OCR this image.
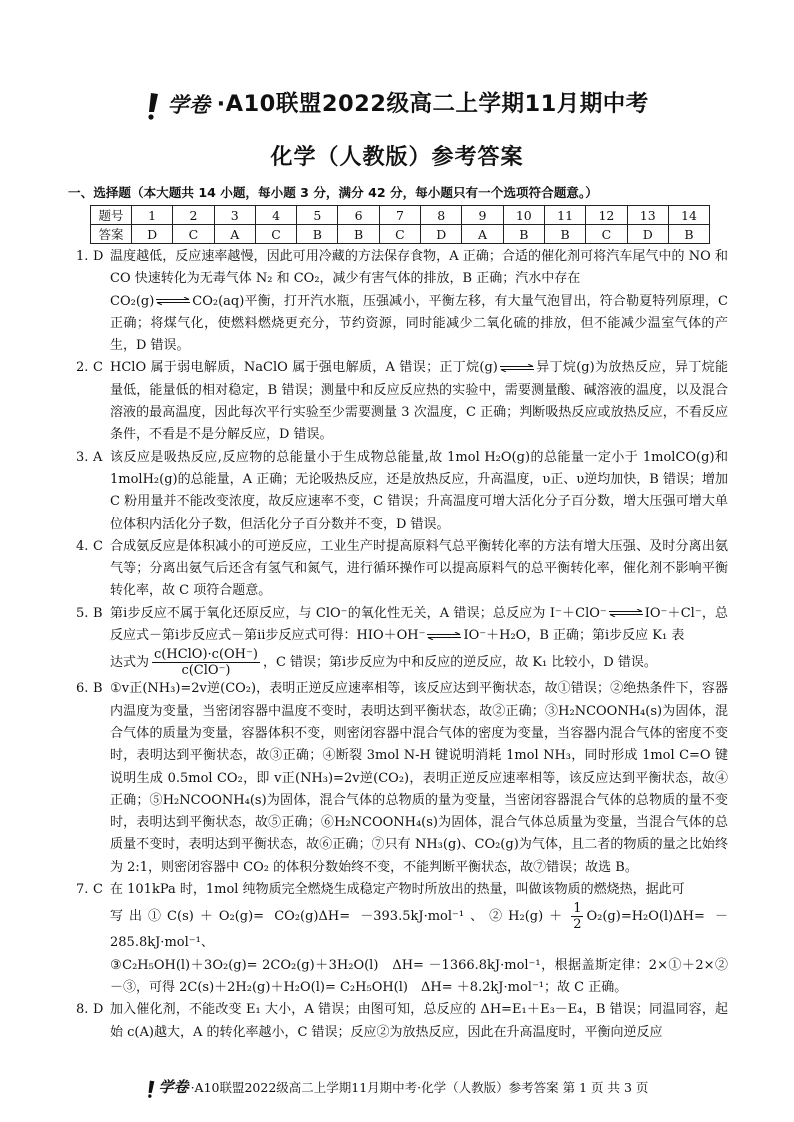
学卷 ·A10联盟2022级高二上学期11月期中考
化学（人教版）参考答案
一、选择题（本大题共 14 小题，每小题 3 分，满分 42 分，每小题只有一个选项符合题意。）
题号	1	2	3	4	5	6	7	8	9	10	11	12	13	14
答案	D	C	A	C	B	B	C	D	A	B	B	C	D	B
1. D 温度越低，反应速率越慢，因此可用冷藏的方法保存食物，A 正确；合适的催化剂可将汽车尾气中的 NO 和 CO 快速转化为无毒气体 N₂ 和 CO₂，减少有害气体的排放，B 正确；汽水中存在
CO₂(g)⇌CO₂(aq)平衡，打开汽水瓶，压强减小，平衡左移，有大量气泡冒出，符合勒夏特列原理，C 正确；将煤气化，使燃料燃烧更充分，节约资源，同时能减少二氧化硫的排放，但不能减少温室气体的产生，D 错误。

2. C HClO 属于弱电解质，NaClO 属于强电解质，A 错误；正丁烷(g)⇌异丁烷(g)为放热反应，异丁烷能量低，能量低的相对稳定，B 错误；测量中和反应反应热的实验中，需要测量酸、碱溶液的温度，以及混合溶液的最高温度，因此每次平行实验至少需要测量 3 次温度，C 正确；判断吸热反应或放热反应，不看反应条件，不看是不是分解反应，D 错误。

3. A 该反应是吸热反应,反应物的总能量小于生成物总能量,故 1mol H₂O(g)的总能量一定小于 1molCO(g)和 1molH₂(g)的总能量，A 正确；无论吸热反应，还是放热反应，升高温度，υ正、υ逆均加快，B 错误；增加 C 粉用量并不能改变浓度，故反应速率不变，C 错误；升高温度可增大活化分子百分数，增大压强可增大单位体积内活化分子数，但活化分子百分数并不变，D 错误。

4. C 合成氨反应是体积减小的可逆反应，工业生产时提高原料气总平衡转化率的方法有增大压强、及时分离出氨气等；分离出氨气后还含有氢气和氮气，进行循环操作可以提高原料气的总平衡转化率，催化剂不影响平衡转化率，故 C 项符合题意。

5. B 第ⅰ步反应不属于氧化还原反应，与 ClO⁻的氧化性无关，A 错误；总反应为 I⁻＋ClO⁻⇌IO⁻＋Cl⁻，总反应式－第ⅰ步反应式－第ⅱ步反应式可得：HIO＋OH⁻⇌IO⁻＋H₂O，B 正确；第ⅰ步反应 K₁ 表
达式为 $\frac{\text{c(HClO)·c(OH⁻)}}{\text{c(ClO⁻)}}$ ，C 错误；第ⅰ步反应为中和反应的逆反应，故 K₁ 比较小，D 错误。

6. B ①v正(NH₃)=2v逆(CO₂)，表明正逆反应速率相等，该反应达到平衡状态，故①错误；②绝热条件下，容器内温度为变量，当密闭容器中温度不变时，表明达到平衡状态，故②正确；③H₂NCOONH₄(s)为固体，混合气体的质量为变量，容器体积不变，则密闭容器中混合气体的密度为变量，当容器内混合气体的密度不变时，表明达到平衡状态，故③正确；④断裂 3mol N-H 键说明消耗 1mol NH₃，同时形成 1mol C=O 键说明生成 0.5mol CO₂，即 v正(NH₃)=2v逆(CO₂)，表明正逆反应速率相等，该反应达到平衡状态，故④正确；⑤H₂NCOONH₄(s)为固体，混合气体的总物质的量为变量，当密闭容器混合气体的总物质的量不变时，表明达到平衡状态，故⑤正确；⑥H₂NCOONH₄(s)为固体，混合气体总质量为变量，当混合气体的总质量不变时，表明达到平衡状态，故⑥正确；⑦只有 NH₃(g)、CO₂(g)为气体，且二者的物质的量之比始终为 2:1，则密闭容器中 CO₂ 的体积分数始终不变，不能判断平衡状态，故⑦错误；故选 B。

7. C 在 101kPa 时，1mol 纯物质完全燃烧生成稳定产物时所放出的热量，叫做该物质的燃烧热，据此可
写出①C(s)＋O₂(g)= CO₂(g)ΔH= －393.5kJ·mol⁻¹、②H₂(g)＋ $\frac{1}{2} O_2(g)=H_2O(l)\Delta H= -285.8kJ\cdot mol^{-1}$、
③C₂H₅OH(l)＋3O₂(g)= 2CO₂(g)＋3H₂O(l)　ΔH= －1366.8kJ·mol⁻¹，根据盖斯定律：2×①＋2×②－③，可得 2C(s)＋2H₂(g)＋H₂O(l)= C₂H₅OH(l)　ΔH= ＋8.2kJ·mol⁻¹；故 C 正确。

8. D 加入催化剂，不能改变 E₁ 大小，A 错误；由图可知，总反应的 ΔH=E₁＋E₃－E₄，B 错误；同温同容，起始 c(A)越大，A 的转化率越小，C 错误；反应②为放热反应，因此在升高温度时，平衡向逆反应

学卷 ·A10联盟2022级高二上学期11月期中考·化学（人教版）参考答案 第 1 页 共 3 页
